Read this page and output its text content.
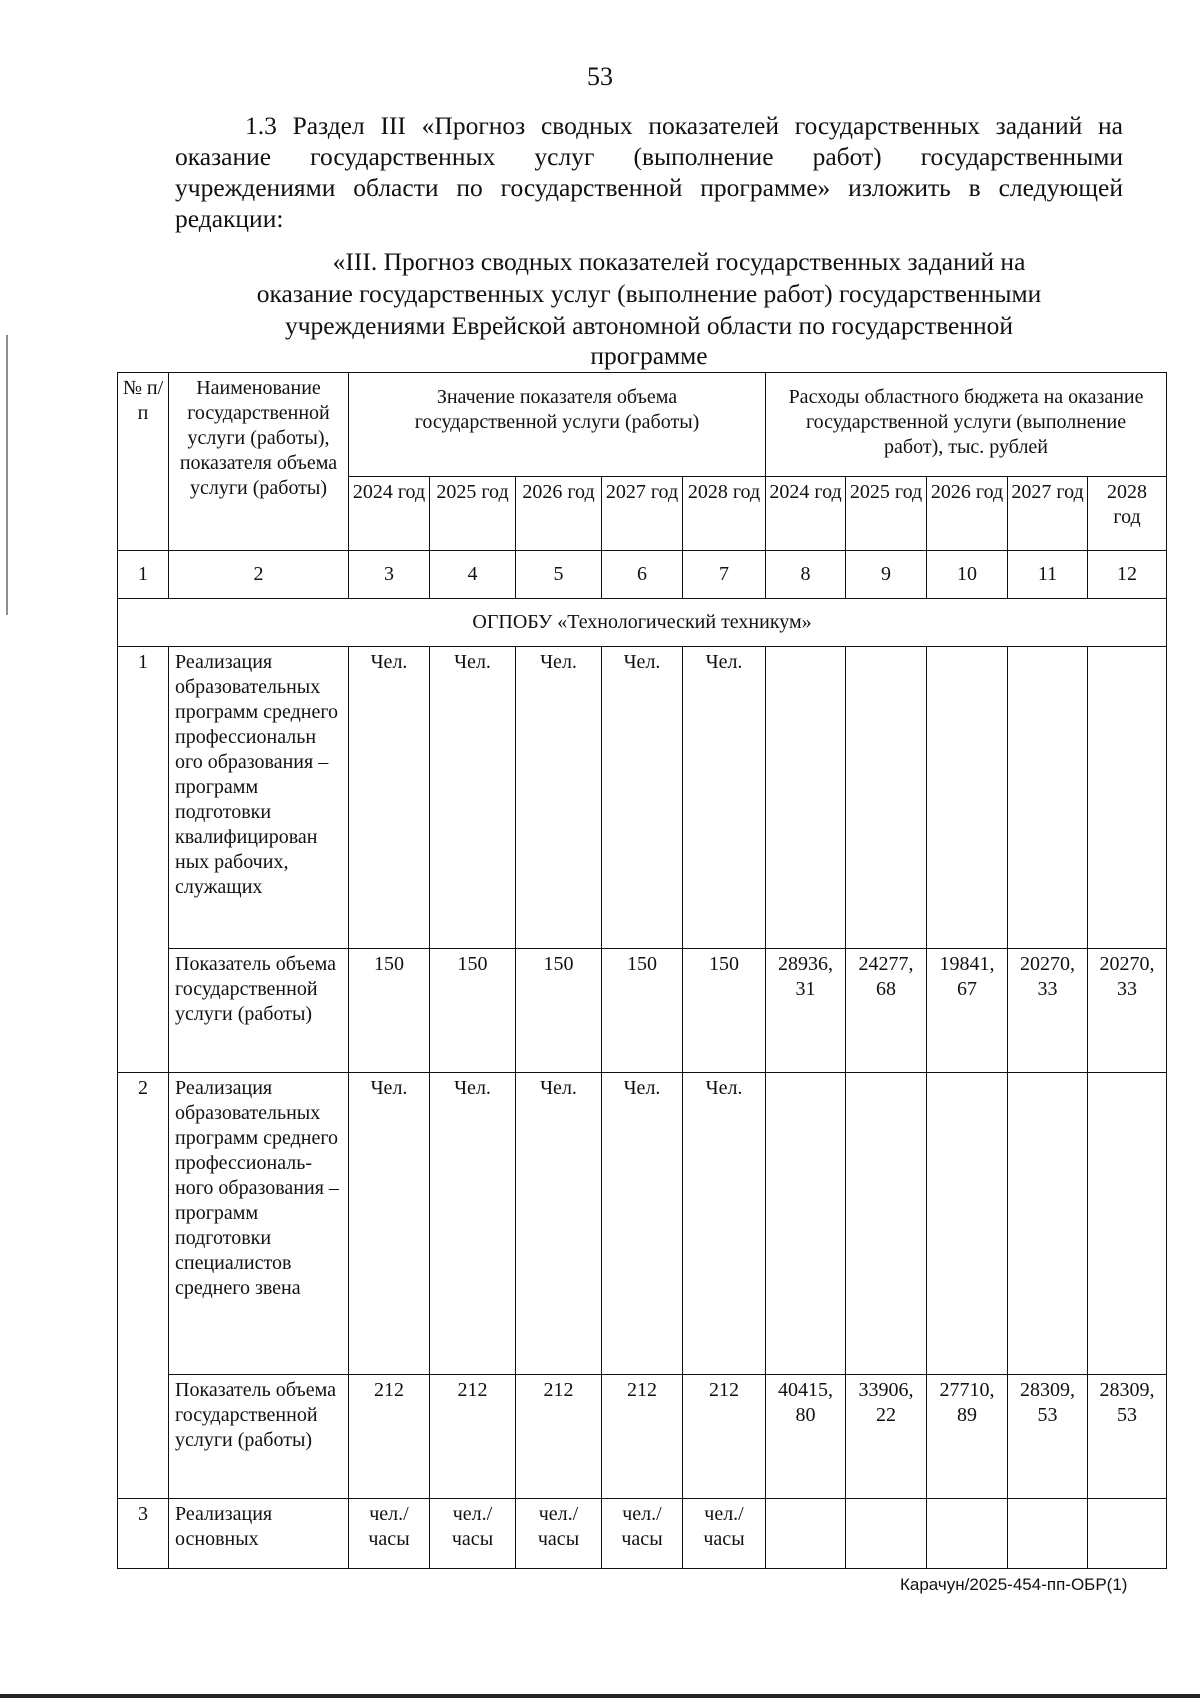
53

1.3 Раздел III «Прогноз сводных показателей государственных заданий на оказание государственных услуг (выполнение работ) государственными учреждениями области по государственной программе» изложить в следующей редакции:

«III. Прогноз сводных показателей государственных заданий на
оказание государственных услуг (выполнение работ) государственными
учреждениями Еврейской автономной области по государственной
программе
№ п/п	Наименование государственной услуги (работы), показателя объема услуги (работы)	Значение показателя объема государственной услуги (работы)					Расходы областного бюджета на оказание государственной услуги (выполнение работ), тыс. рублей				
		2024 год	2025 год	2026 год	2027 год	2028 год	2024 год	2025 год	2026 год	2027 год	2028 год
1	2	3	4	5	6	7	8	9	10	11	12
ОГПОБУ «Технологический техникум»											
1	Реализация образовательных программ среднего профессиональн ого образования – программ подготовки квалифицирован ных рабочих, служащих	Чел.	Чел.	Чел.	Чел.	Чел.					
	Показатель объема государственной услуги (работы)	150	150	150	150	150	28936, 31	24277, 68	19841, 67	20270, 33	20270, 33
2	Реализация образовательных программ среднего профессиональ-ного образования – программ подготовки специалистов среднего звена	Чел.	Чел.	Чел.	Чел.	Чел.					
	Показатель объема государственной услуги (работы)	212	212	212	212	212	40415, 80	33906, 22	27710, 89	28309, 53	28309, 53
3	Реализация основных	чел./ часы	чел./ часы	чел./ часы	чел./ часы	чел./ часы					
Карачун/2025-454-пп-ОБР(1)
